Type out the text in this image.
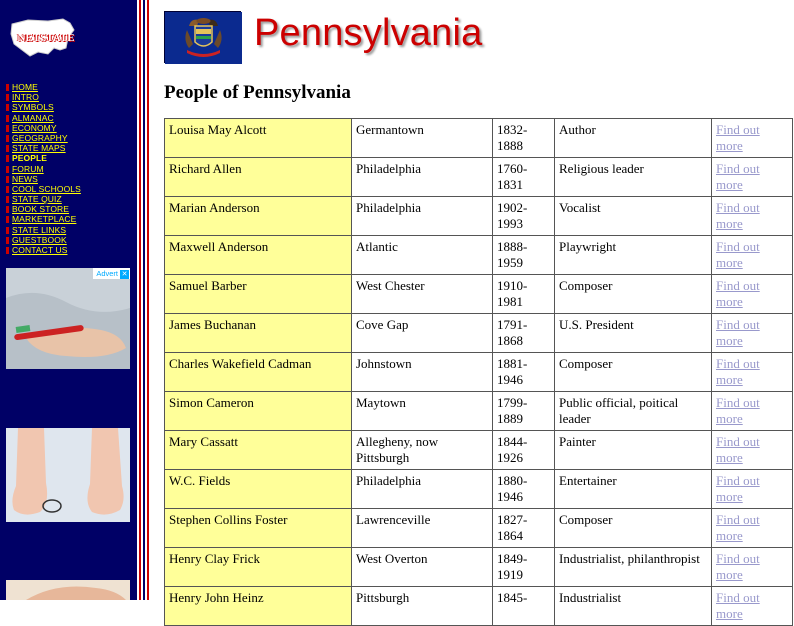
NETSTATE
HOME
INTRO
SYMBOLS
ALMANAC
ECONOMY
GEOGRAPHY
STATE MAPS
PEOPLE
FORUM
NEWS
COOL SCHOOLS
STATE QUIZ
BOOK STORE
MARKETPLACE
STATE LINKS
GUESTBOOK
CONTACT US
Advert ✕
Pennsylvania
People of Pennsylvania
Louisa May Alcott	Germantown	1832-1888	Author	Find out more
Richard Allen	Philadelphia	1760-1831	Religious leader	Find out more
Marian Anderson	Philadelphia	1902-1993	Vocalist	Find out more
Maxwell Anderson	Atlantic	1888-1959	Playwright	Find out more
Samuel Barber	West Chester	1910-1981	Composer	Find out more
James Buchanan	Cove Gap	1791-1868	U.S. President	Find out more
Charles Wakefield Cadman	Johnstown	1881-1946	Composer	Find out more
Simon Cameron	Maytown	1799-1889	Public official, poitical leader	Find out more
Mary Cassatt	Allegheny, now Pittsburgh	1844-1926	Painter	Find out more
W.C. Fields	Philadelphia	1880-1946	Entertainer	Find out more
Stephen Collins Foster	Lawrenceville	1827-1864	Composer	Find out more
Henry Clay Frick	West Overton	1849-1919	Industrialist, philanthropist	Find out more
Henry John Heinz	Pittsburgh	1845-	Industrialist	Find out more
